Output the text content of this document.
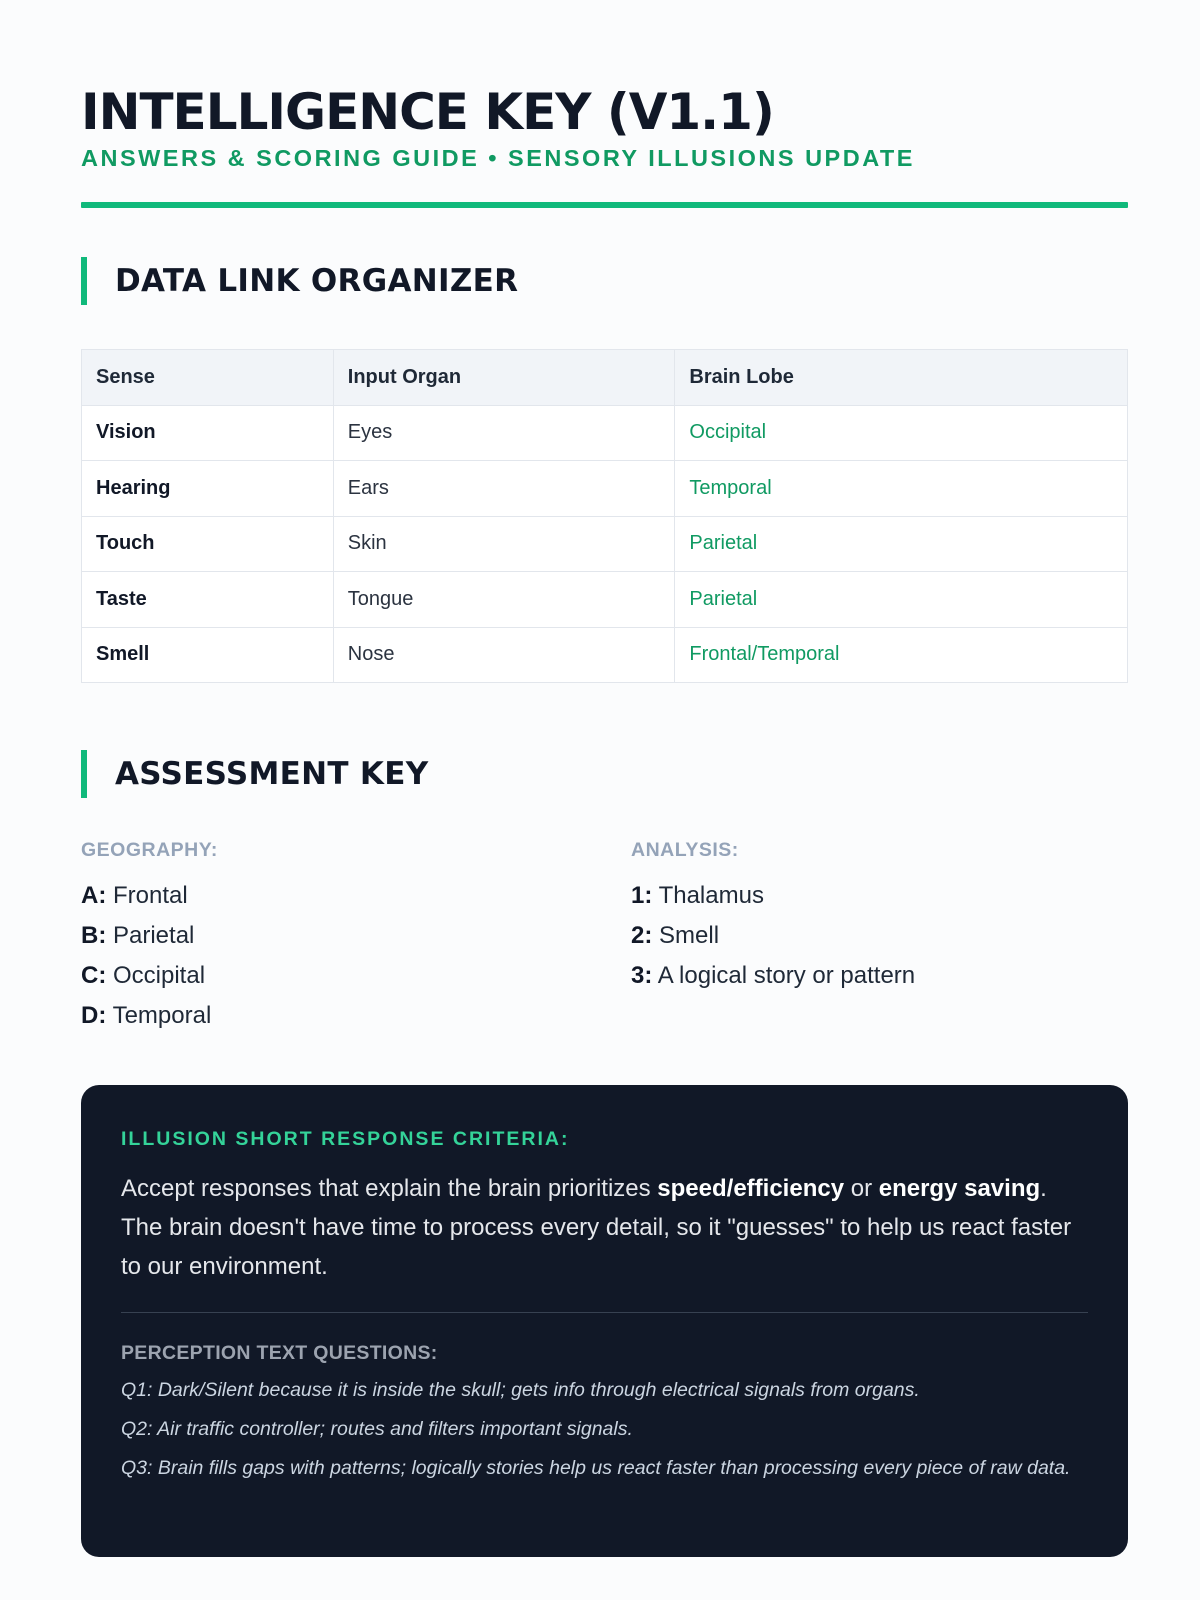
INTELLIGENCE KEY (V1.1)
ANSWERS & SCORING GUIDE • SENSORY ILLUSIONS UPDATE
DATA LINK ORGANIZER
Sense	Input Organ	Brain Lobe
Vision	Eyes	Occipital
Hearing	Ears	Temporal
Touch	Skin	Parietal
Taste	Tongue	Parietal
Smell	Nose	Frontal/Temporal
ASSESSMENT KEY
GEOGRAPHY:
A: Frontal
B: Parietal
C: Occipital
D: Temporal
ANALYSIS:
1: Thalamus
2: Smell
3: A logical story or pattern
ILLUSION SHORT RESPONSE CRITERIA:

Accept responses that explain the brain prioritizes speed/efficiency or energy saving. The brain doesn't have time to process every detail, so it "guesses" to help us react faster to our environment.

PERCEPTION TEXT QUESTIONS:
Q1: Dark/Silent because it is inside the skull; gets info through electrical signals from organs.
Q2: Air traffic controller; routes and filters important signals.
Q3: Brain fills gaps with patterns; logically stories help us react faster than processing every piece of raw data.
